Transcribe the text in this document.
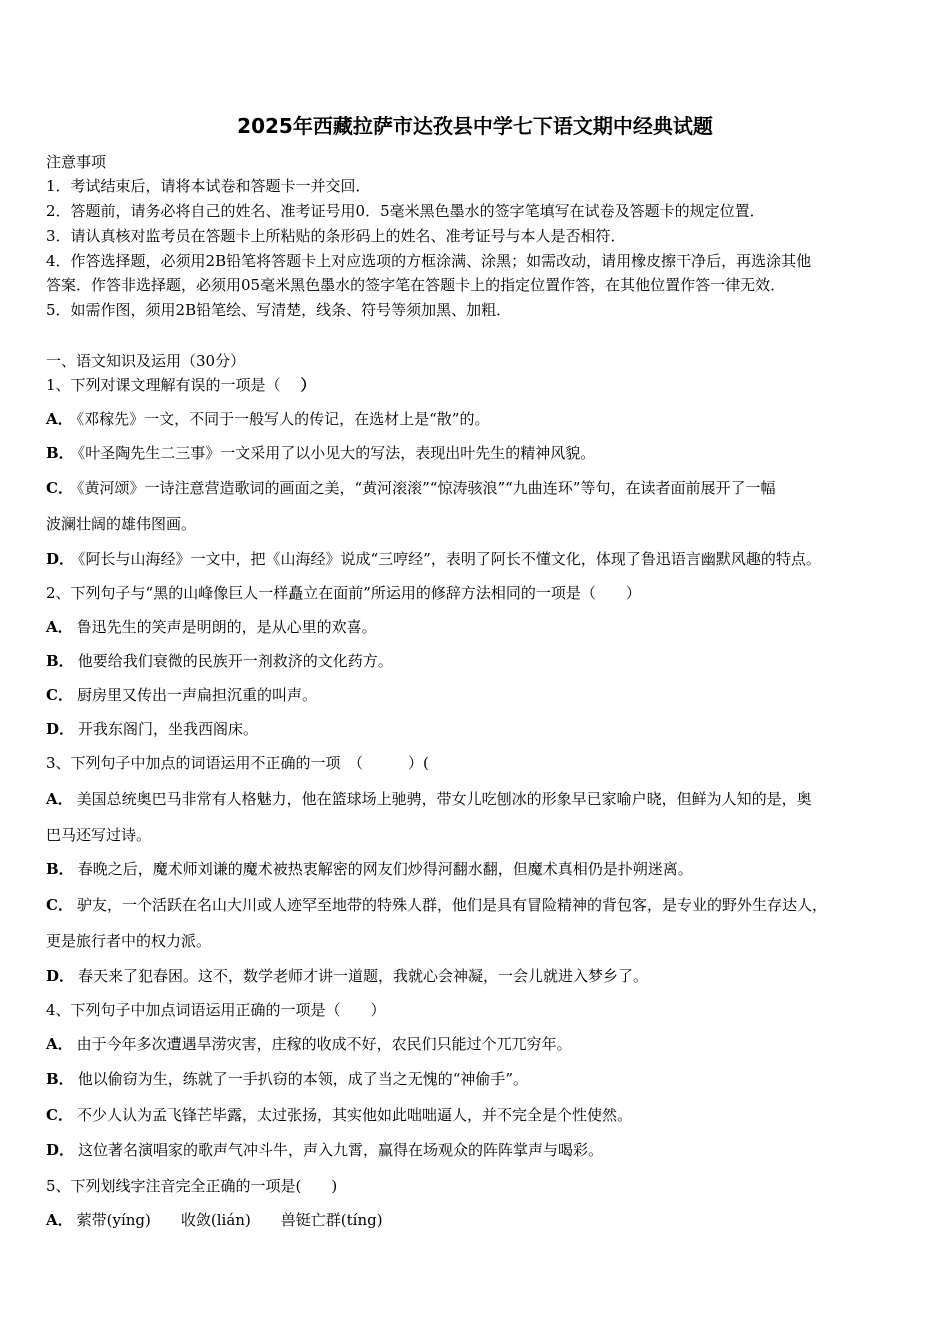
2025年西藏拉萨市达孜县中学七下语文期中经典试题
注意事项
1．考试结束后，请将本试卷和答题卡一并交回．
2．答题前，请务必将自己的姓名、准考证号用0．5毫米黑色墨水的签字笔填写在试卷及答题卡的规定位置．
3．请认真核对监考员在答题卡上所粘贴的条形码上的姓名、准考证号与本人是否相符．
4．作答选择题，必须用2B铅笔将答题卡上对应选项的方框涂满、涂黑；如需改动，请用橡皮擦干净后，再选涂其他
答案．作答非选择题，必须用05毫米黑色墨水的签字笔在答题卡上的指定位置作答，在其他位置作答一律无效．
5．如需作图，须用2B铅笔绘、写清楚，线条、符号等须加黑、加粗．
一、语文知识及运用（30分）
1、下列对课文理解有误的一项是（ ）
A． 《邓稼先》一文，不同于一般写人的传记，在选材上是“散”的。
B． 《叶圣陶先生二三事》一文采用了以小见大的写法，表现出叶先生的精神风貌。
C． 《黄河颂》一诗注意营造歌词的画面之美，“黄河滚滚”“惊涛骇浪”“九曲连环”等句，在读者面前展开了一幅
波澜壮阔的雄伟图画。
D． 《阿长与山海经》一文中，把《山海经》说成“三哼经”，表明了阿长不懂文化，体现了鲁迅语言幽默风趣的特点。
2、下列句子与“黑的山峰像巨人一样矗立在面前”所运用的修辞方法相同的一项是（　　）
A． 鲁迅先生的笑声是明朗的，是从心里的欢喜。
B． 他要给我们衰微的民族开一剂救济的文化药方。
C． 厨房里又传出一声扁担沉重的叫声。
D． 开我东阁门，坐我西阁床。
3、下列句子中加点的词语运用不正确的一项　（　　　）(
A． 美国总统奥巴马非常有人格魅力，他在篮球场上驰骋，带女儿吃刨冰的形象早已家喻户晓，但鲜为人知的是，奥
巴马还写过诗。
B． 春晚之后，魔术师刘谦的魔术被热衷解密的网友们炒得河翻水翻，但魔术真相仍是扑朔迷离。
C． 驴友，一个活跃在名山大川或人迹罕至地带的特殊人群，他们是具有冒险精神的背包客，是专业的野外生存达人，
更是旅行者中的权力派。
D． 春天来了犯春困。这不，数学老师才讲一道题，我就心会神凝，一会儿就进入梦乡了。
4、下列句子中加点词语运用正确的一项是（　　）
A． 由于今年多次遭遇旱涝灾害，庄稼的收成不好，农民们只能过个兀兀穷年。
B． 他以偷窃为生，练就了一手扒窃的本领，成了当之无愧的“神偷手”。
C． 不少人认为孟飞锋芒毕露，太过张扬，其实他如此咄咄逼人，并不完全是个性使然。
D． 这位著名演唱家的歌声气冲斗牛，声入九霄，赢得在场观众的阵阵掌声与喝彩。
5、下列划线字注音完全正确的一项是(　　)
A． 萦带(yíng) 收敛(lián) 兽铤亡群(tíng)
